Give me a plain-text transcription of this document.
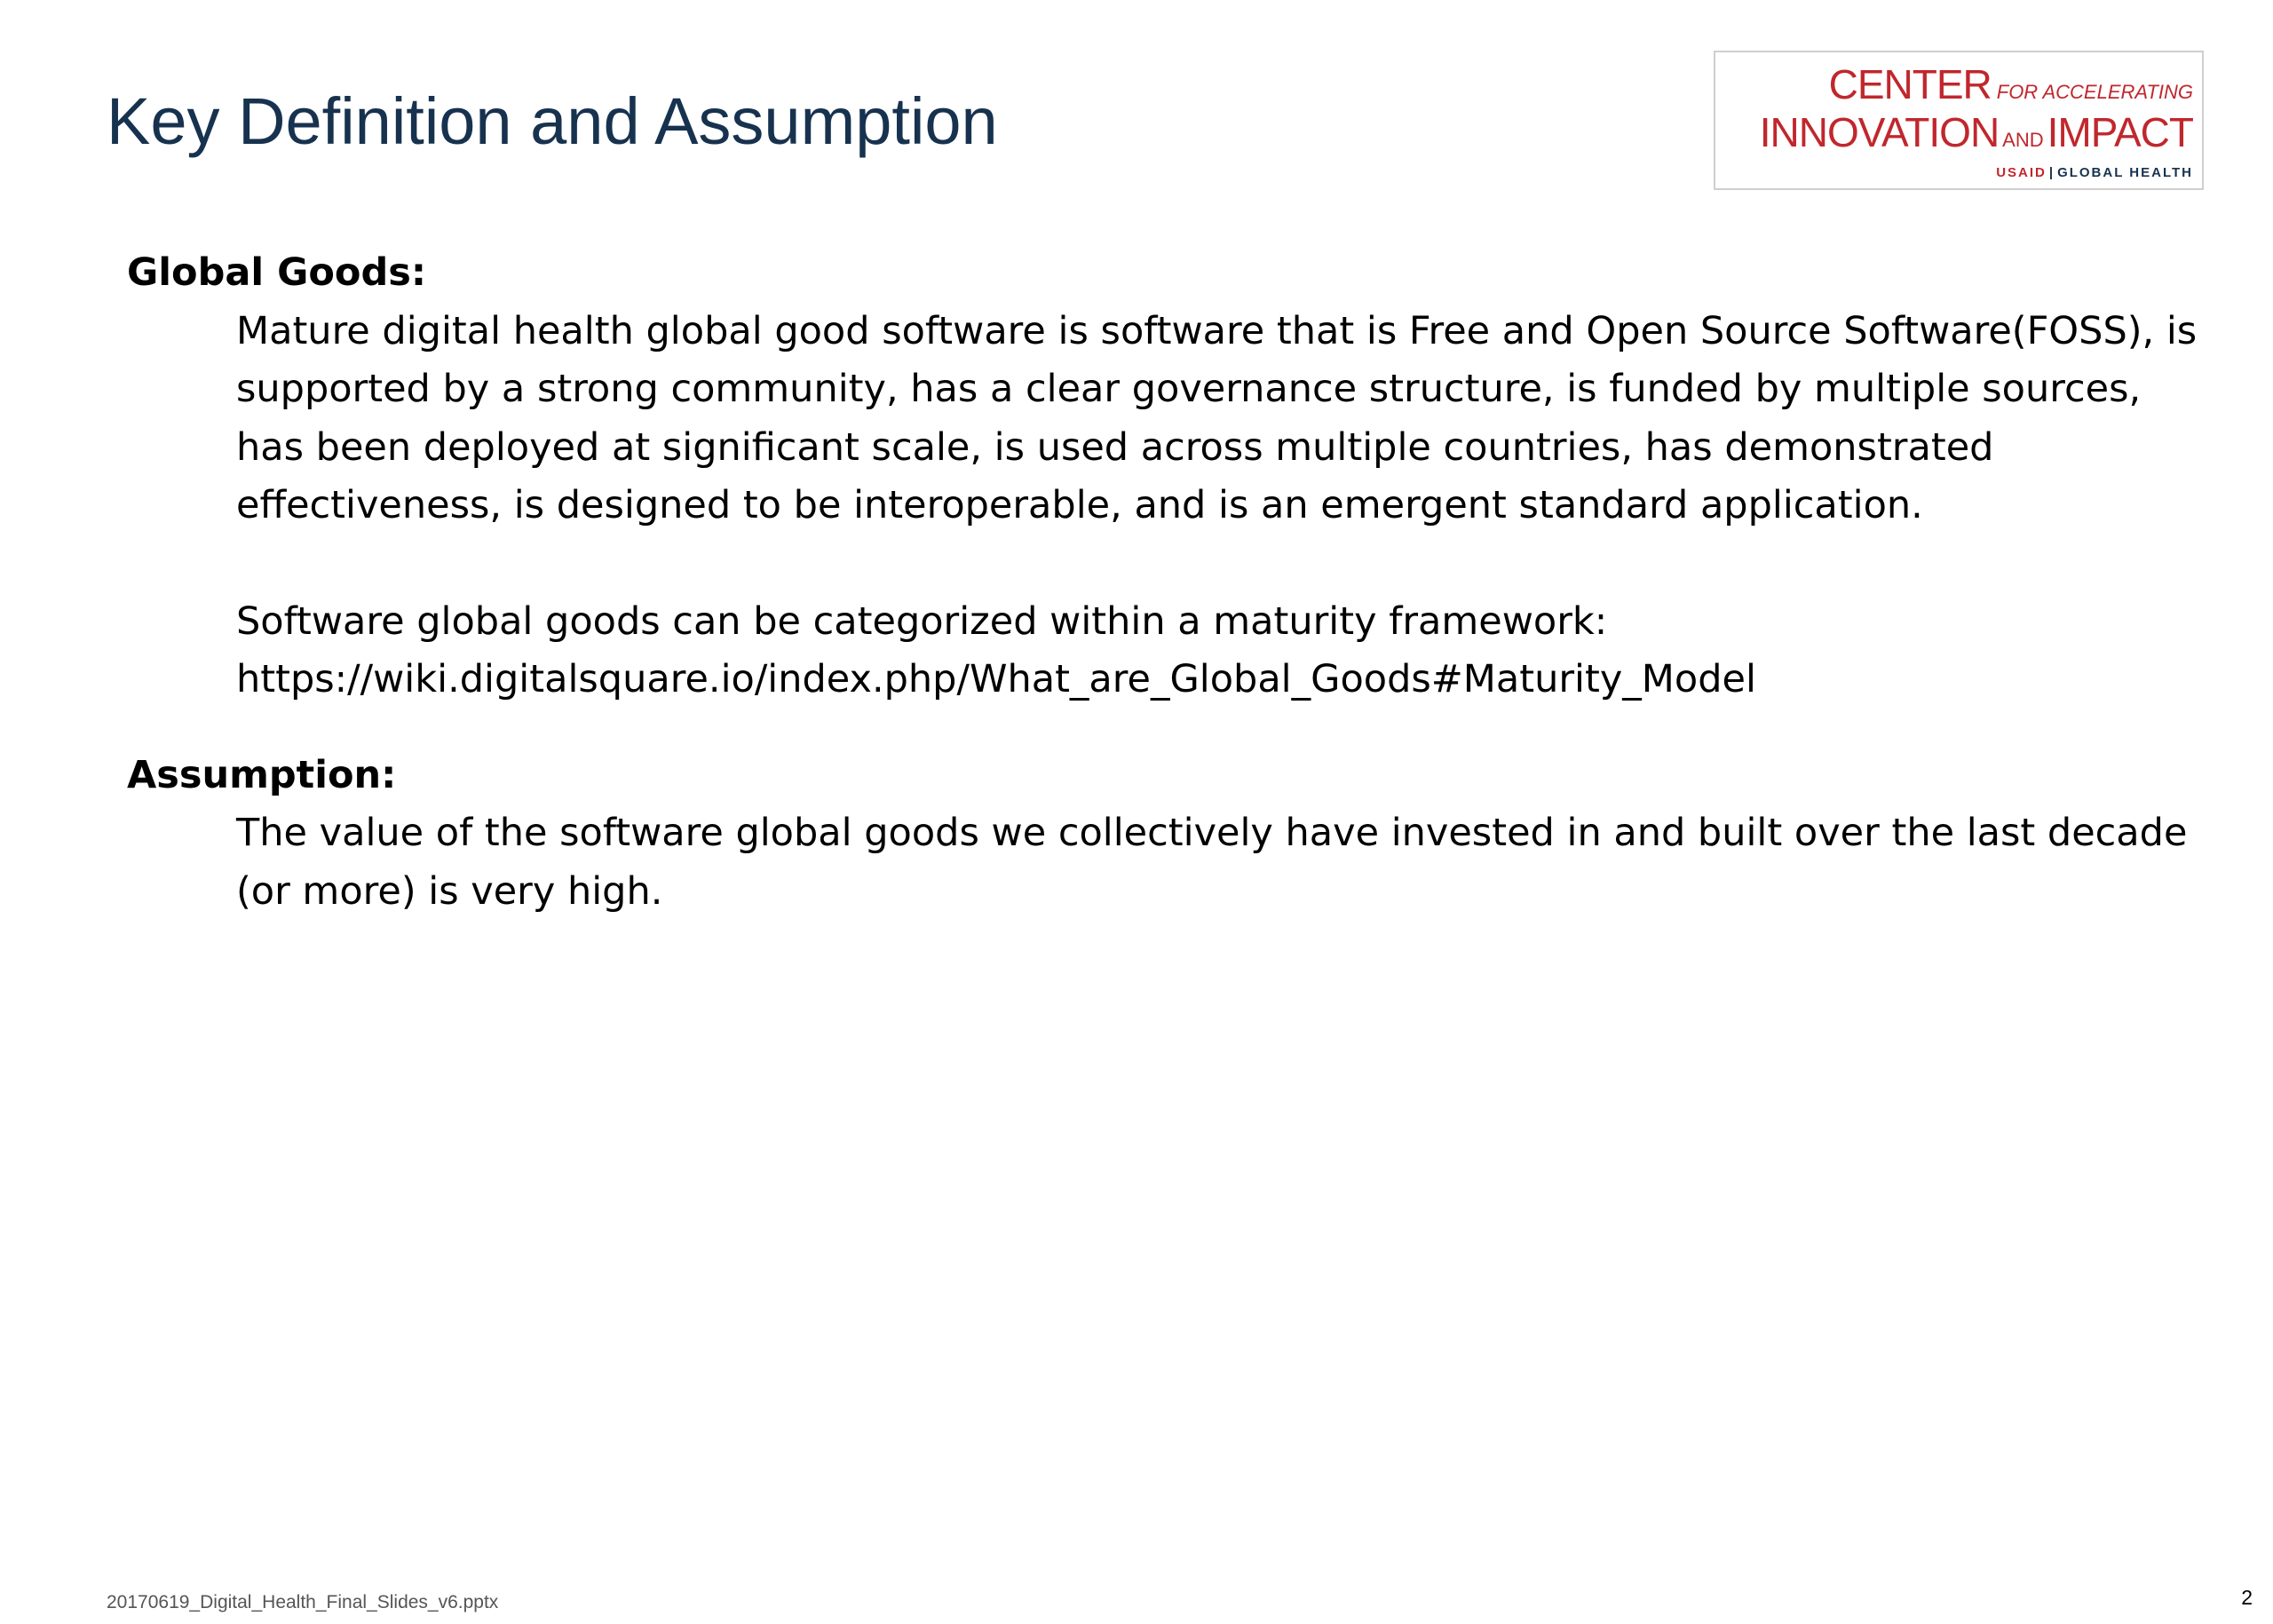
Key Definition and Assumption	CENTER FOR ACCELERATING
INNOVATION ANDIMPACT
USAID | GLOBAL HEALTH

Global Goods:

Mature digital health global good software is software that is Free and Open Source Software(FOSS), is supported by a strong community, has a clear governance structure, is funded by multiple sources, has been deployed at significant scale, is used across multiple countries, has demonstrated effectiveness, is designed to be interoperable, and is an emergent standard application.

Software global goods can be categorized within a maturity framework:

https://wiki.digitalsquare.io/index.php/What_are_Global_Goods#Maturity_Model

Assumption:

The value of the software global goods we collectively have invested in and built over the last decade (or more) is very high.

20170619_Digital_Health_Final_Slides_v6.pptx	2
